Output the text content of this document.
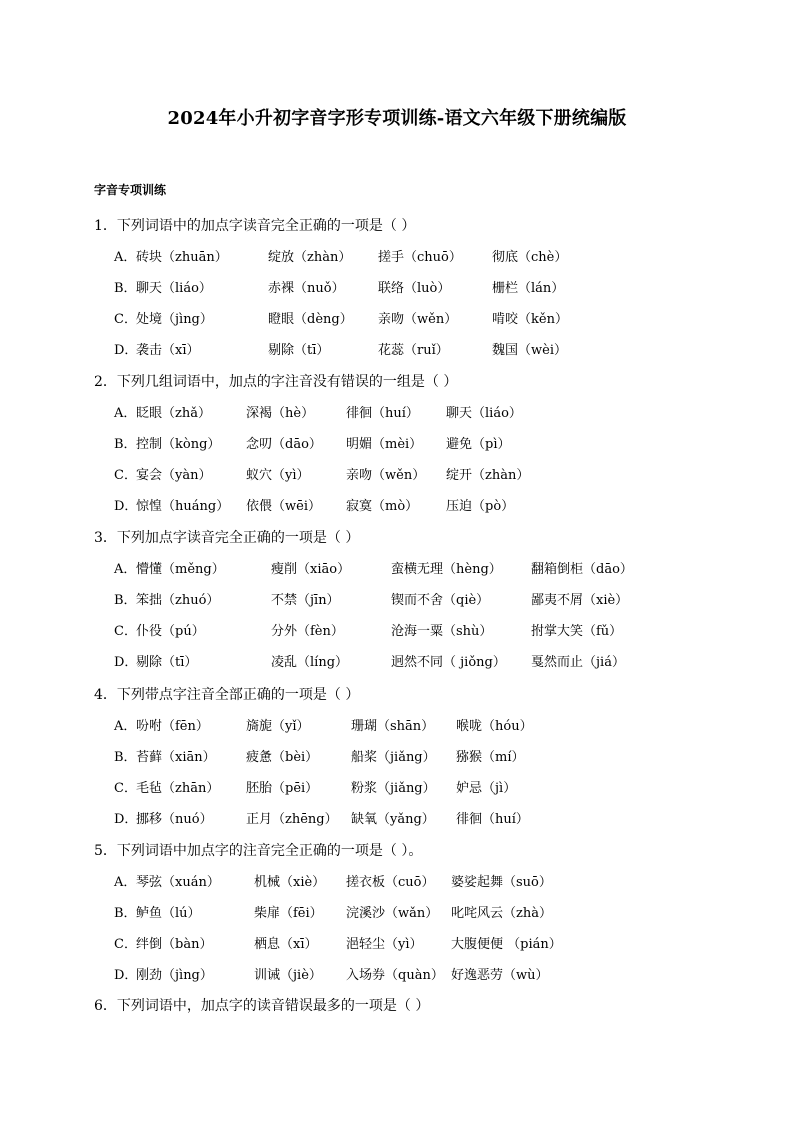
2024年小升初字音字形专项训练-语文六年级下册统编版
字音专项训练
1．下列词语中的加点字读音完全正确的一项是（ ）
A．砖块（zhuān）	绽放（zhàn） 搓手（chuō） 彻底（chè）
B．聊天（liáo）	赤裸（nuǒ）	联络（luò）	栅栏（lán）
C．处境（jìng）	瞪眼（dèng） 亲吻（wěn）	啃咬（kěn）
D．袭击（xī）	剔除（tī）	花蕊（ruǐ）	魏国（wèi）
2．下列几组词语中，加点的字注音没有错误的一组是（ ）
A．眨眼（zhǎ）	深褐（hè） 徘徊（huí） 聊天（liáo）
B．控制（kòng） 念叨（dāo） 明媚（mèi） 避免（pì）
C．宴会（yàn）	蚁穴（yì）	亲吻（wěn） 绽开（zhàn）
D．惊惶（huáng） 依偎（wēi） 寂寞（mò） 压迫（pò）
3．下列加点字读音完全正确的一项是（ ）
A．懵懂（měng）	瘦削（xiāo）	蛮横无理（hèng） 翻箱倒柜（dāo）
B．笨拙（zhuó）	不禁（jīn）	锲而不舍（qiè）	鄙夷不屑（xiè）
C．仆役（pú）	分外（fèn）	沧海一粟（shù）	拊掌大笑（fǔ）
D．剔除（tī）	凌乱（líng）	迥然不同（ jiǒng） 戛然而止（jiá）
4．下列带点字注音全部正确的一项是（ ）
A．吩咐（fēn）	旖旎（yǐ）	珊瑚（shān） 喉咙（hóu）
B．苔藓（xiān） 疲惫（bèi）	船桨（jiǎng） 猕猴（mí）
C．毛毡（zhān） 胚胎（pēi）	粉浆（jiǎng） 妒忌（jì）
D．挪移（nuó）	正月（zhēng） 缺氧（yǎng） 徘徊（huí）
5．下列词语中加点字的注音完全正确的一项是（ ）。
A．琴弦（xuán）	机械（xiè） 搓衣板（cuō） 婆娑起舞（suō）
B．鲈鱼（lú）	柴扉（fēi） 浣溪沙（wǎn） 叱咤风云（zhà）
C．绊倒（bàn）	栖息（xī） 浥轻尘（yì） 大腹便便 （pián）
D．刚劲（jìng）	训诫（jiè） 入场券（quàn） 好逸恶劳（wù）
6．下列词语中，加点字的读音错误最多的一项是（ ）
